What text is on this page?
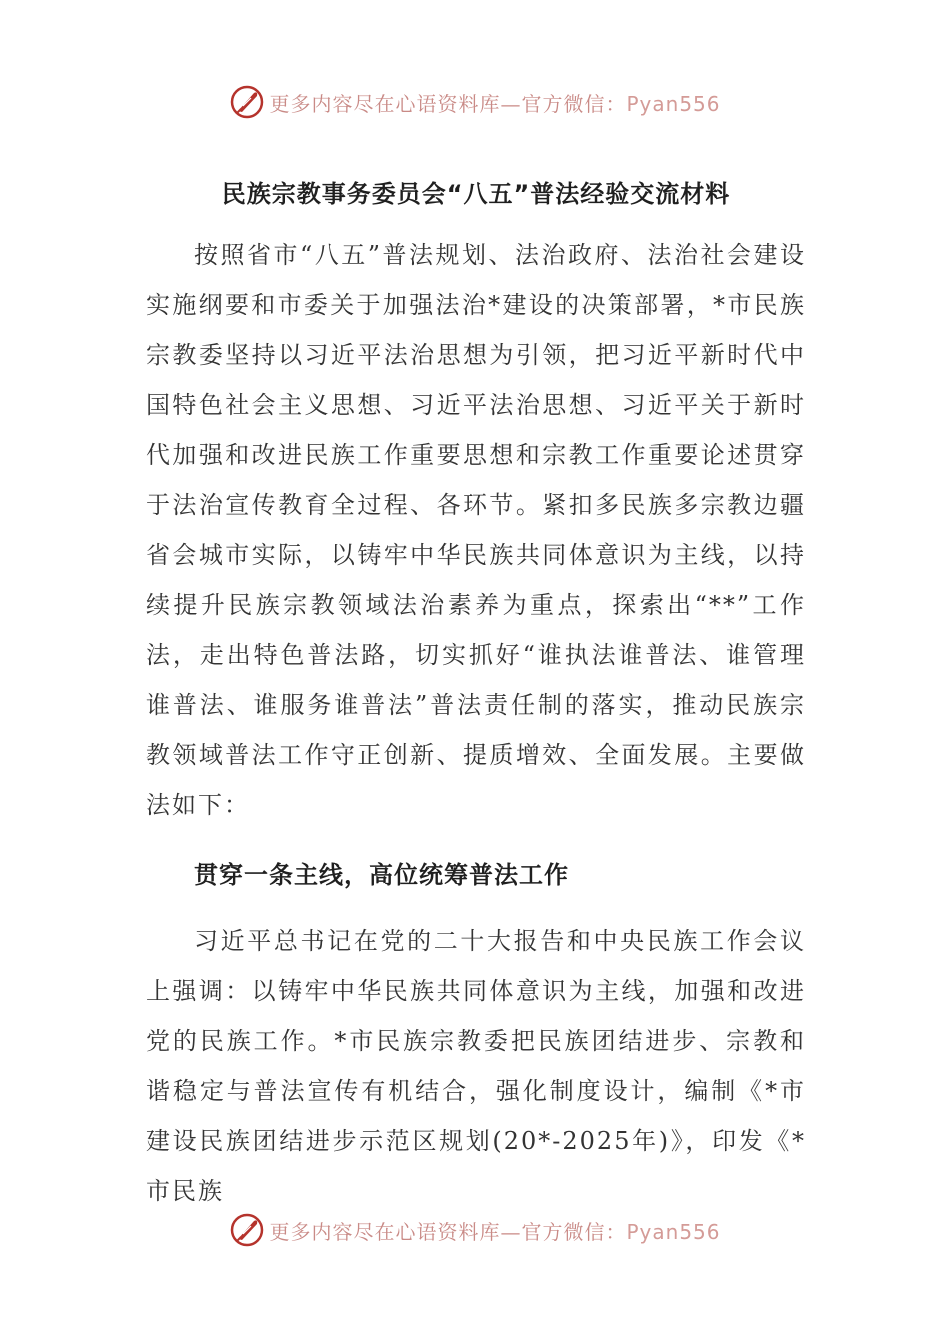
更多内容尽在心语资料库—官方微信：Pyan556
民族宗教事务委员会“八五”普法经验交流材料

按照省市“八五”普法规划、法治政府、法治社会建设实施纲要和市委关于加强法治*建设的决策部署，*市民族宗教委坚持以习近平法治思想为引领，把习近平新时代中国特色社会主义思想、习近平法治思想、习近平关于新时代加强和改进民族工作重要思想和宗教工作重要论述贯穿于法治宣传教育全过程、各环节。紧扣多民族多宗教边疆省会城市实际，以铸牢中华民族共同体意识为主线，以持续提升民族宗教领域法治素养为重点，探索出“**”工作法，走出特色普法路，切实抓好“谁执法谁普法、谁管理谁普法、谁服务谁普法”普法责任制的落实，推动民族宗教领域普法工作守正创新、提质增效、全面发展。主要做法如下：

贯穿一条主线，高位统筹普法工作

习近平总书记在党的二十大报告和中央民族工作会议上强调：以铸牢中华民族共同体意识为主线，加强和改进党的民族工作。*市民族宗教委把民族团结进步、宗教和谐稳定与普法宣传有机结合，强化制度设计，编制《*市建设民族团结进步示范区规划(20*-2025年)》，印发《*市民族

更多内容尽在心语资料库—官方微信：Pyan556
